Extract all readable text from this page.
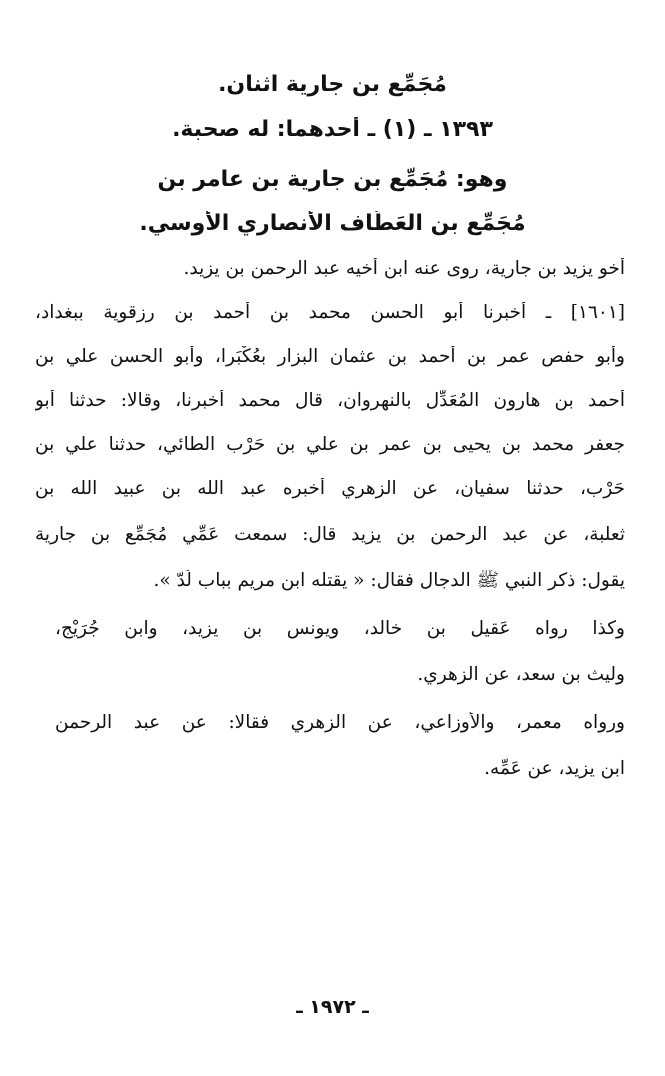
مُجَمِّع بن جارية اثنان.
١٣٩٣ ـ (١) ـ أحدهما: له صحبة.
وهو: مُجَمِّع بن جارية بن عامر بن
مُجَمِّع بن العَطّاف الأنصاري الأوسي.
أخو يزيد بن جارية، روى عنه ابن أخيه عبد الرحمن بن يزيد.
[١٦٠١] ـ أخبرنا أبو الحسن محمد بن أحمد بن رزقوية ببغداد،
وأبو حفص عمر بن أحمد بن عثمان البزار بعُكْبَرا، وأبو الحسن علي بن
أحمد بن هارون المُعَدِّل بالنهروان، قال محمد أخبرنا، وقالا: حدثنا أبو
جعفر محمد بن يحيى بن عمر بن علي بن حَرْب الطائي، حدثنا علي بن
حَرْب، حدثنا سفيان، عن الزهري أخبره عبد الله بن عبيد الله بن
ثعلبة، عن عبد الرحمن بن يزيد قال: سمعت عَمِّي مُجَمِّع بن جارية
يقول: ذكر النبي ﷺ الدجال فقال: « يقتله ابن مريم بباب لُدّ ».
وكذا رواه عَقيل بن خالد، ويونس بن يزيد، وابن جُرَيْج،
وليث بن سعد، عن الزهري.
ورواه معمر، والأوزاعي، عن الزهري فقالا: عن عبد الرحمن
ابن يزيد، عن عَمِّه.
ـ ١٩٧٢ ـ
